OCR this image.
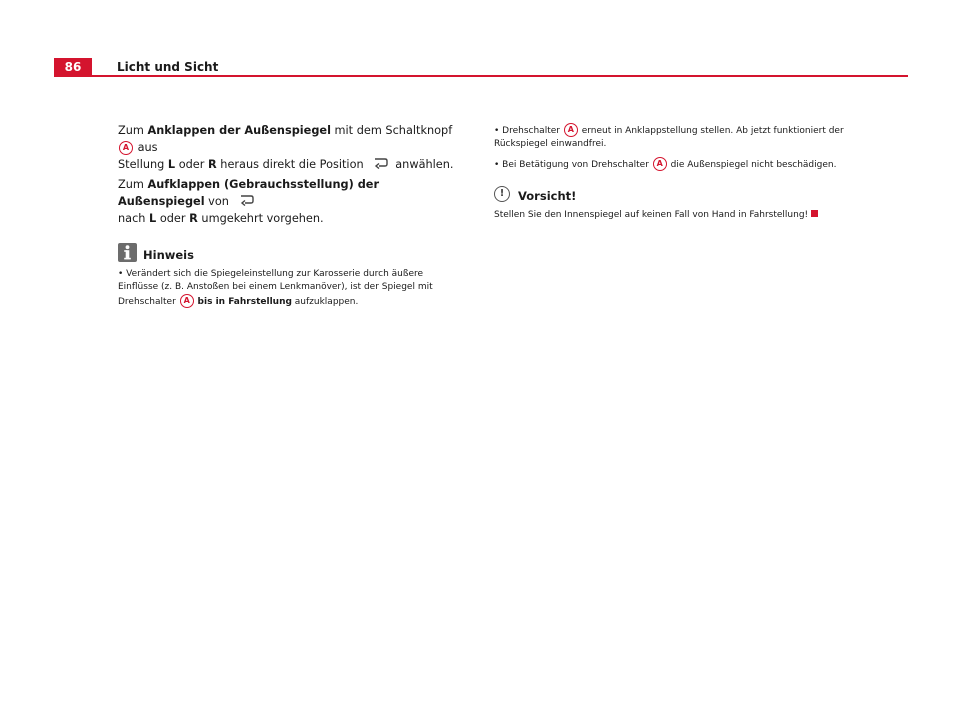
86	Licht und Sicht

Zum Anklappen der Außenspiegel mit dem Schaltknopf A aus
Stellung L oder R heraus direkt die Position anwählen.

Zum Aufklappen (Gebrauchsstellung) der Außenspiegel von
nach L oder R umgekehrt vorgehen.

Hinweis

• Verändert sich die Spiegeleinstellung zur Karosserie durch äußere
Einflüsse (z. B. Anstoßen bei einem Lenkmanöver), ist der Spiegel mit
Drehschalter A bis in Fahrstellung aufzuklappen.

• Drehschalter A erneut in Anklappstellung stellen. Ab jetzt funktioniert der
Rückspiegel einwandfrei.

• Bei Betätigung von Drehschalter A die Außenspiegel nicht beschädigen.

!	Vorsicht!

Stellen Sie den Innenspiegel auf keinen Fall von Hand in Fahrstellung!
